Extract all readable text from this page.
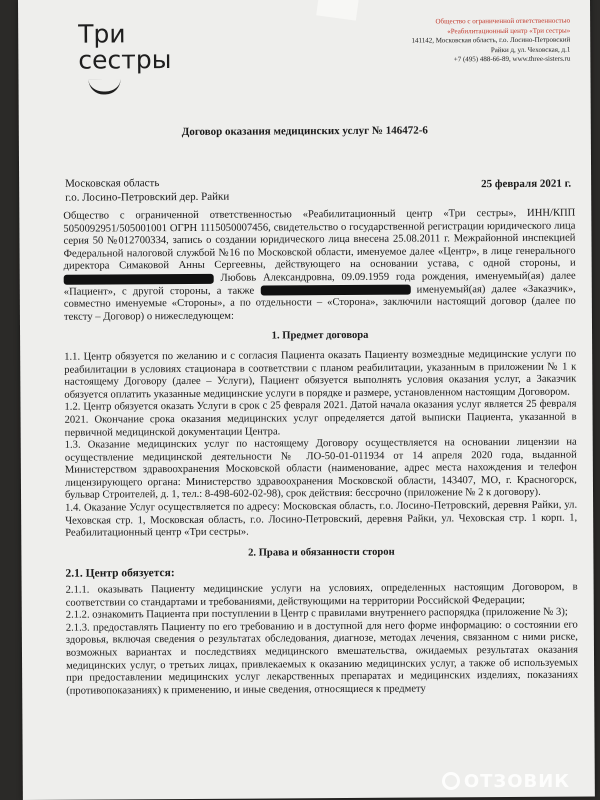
Три
сестры
Общество с ограниченной ответственностью
«Реабилитационный центр «Три сестры»
141142, Московская область, г.о. Лосино-Петровский
Райки д, ул. Чеховская, д.1
+7 (495) 488-66-89, www.three-sisters.ru
Договор оказания медицинских услуг № 146472-6
Московская область
г.о. Лосино-Петровский дер. Райки
25 февраля 2021 г.

Общество с ограниченной ответственностью «Реабилитационный центр «Три сестры», ИНН/КПП 5050092951/505001001 ОГРН 1115050007456, свидетельство о государственной регистрации юридического лица серия 50 №012700334, запись о создании юридического лица внесена 25.08.2011 г. Межрайонной инспекцией Федеральной налоговой службой №16 по Московской области, именуемое далее «Центр», в лице генерального директора Симаковой Анны Сергеевны, действующего на основании устава, с одной стороны, и  Любовь Александровна, 09.09.1959 года рождения, именуемый(ая) далее «Пациент», с другой стороны, а также	именуемый(ая) далее «Заказчик», совместно именуемые «Стороны», а по отдельности – «Сторона», заключили настоящий договор (далее по тексту – Договор) о нижеследующем:

1. Предмет договора

1.1. Центр обязуется по желанию и с согласия Пациента оказать Пациенту возмездные медицинские услуги по реабилитации в условиях стационара в соответствии с планом реабилитации, указанным в приложении № 1 к настоящему Договору (далее – Услуги), Пациент обязуется выполнять условия оказания услуг, а Заказчик обязуется оплатить указанные медицинские услуги в порядке и размере, установленном настоящим Договором.

1.2. Центр обязуется оказать Услуги в срок с 25 февраля 2021. Датой начала оказания услуг является 25 февраля 2021. Окончание срока оказания медицинских услуг определяется датой выписки Пациента, указанной в первичной медицинской документации Центра.

1.3. Оказание медицинских услуг по настоящему Договору осуществляется на основании лицензии на осуществление медицинской деятельности № ЛО-50-01-011934 от 14 апреля 2020 года, выданной Министерством здравоохранения Московской области (наименование, адрес места нахождения и телефон лицензирующего органа: Министерство здравоохранения Московской области, 143407, МО, г. Красногорск, бульвар Строителей, д. 1, тел.: 8-498-602-02-98), срок действия: бессрочно (приложение № 2 к договору).

1.4. Оказание Услуг осуществляется по адресу: Московская область, г.о. Лосино-Петровский, деревня Райки, ул. Чеховская стр. 1, Московская область, г.о. Лосино-Петровский, деревня Райки, ул. Чеховская стр. 1 корп. 1, Реабилитационный центр «Три сестры».

2. Права и обязанности сторон

2.1. Центр обязуется:

2.1.1. оказывать Пациенту медицинские услуги на условиях, определенных настоящим Договором, в соответствии со стандартами и требованиями, действующими на территории Российской Федерации;

2.1.2. ознакомить Пациента при поступлении в Центр с правилами внутреннего распорядка (приложение № 3);

2.1.3. предоставлять Пациенту по его требованию и в доступной для него форме информацию: о состоянии его здоровья, включая сведения о результатах обследования, диагнозе, методах лечения, связанном с ними риске, возможных вариантах и последствиях медицинского вмешательства, ожидаемых результатах оказания медицинских услуг, о третьих лицах, привлекаемых к оказанию медицинских услуг, а также об используемых при предоставлении медицинских услуг лекарственных препаратах и медицинских изделиях, показаниях (противопоказаниях) к применению, и иные сведения, относящиеся к предмету

ОТЗОВИК
